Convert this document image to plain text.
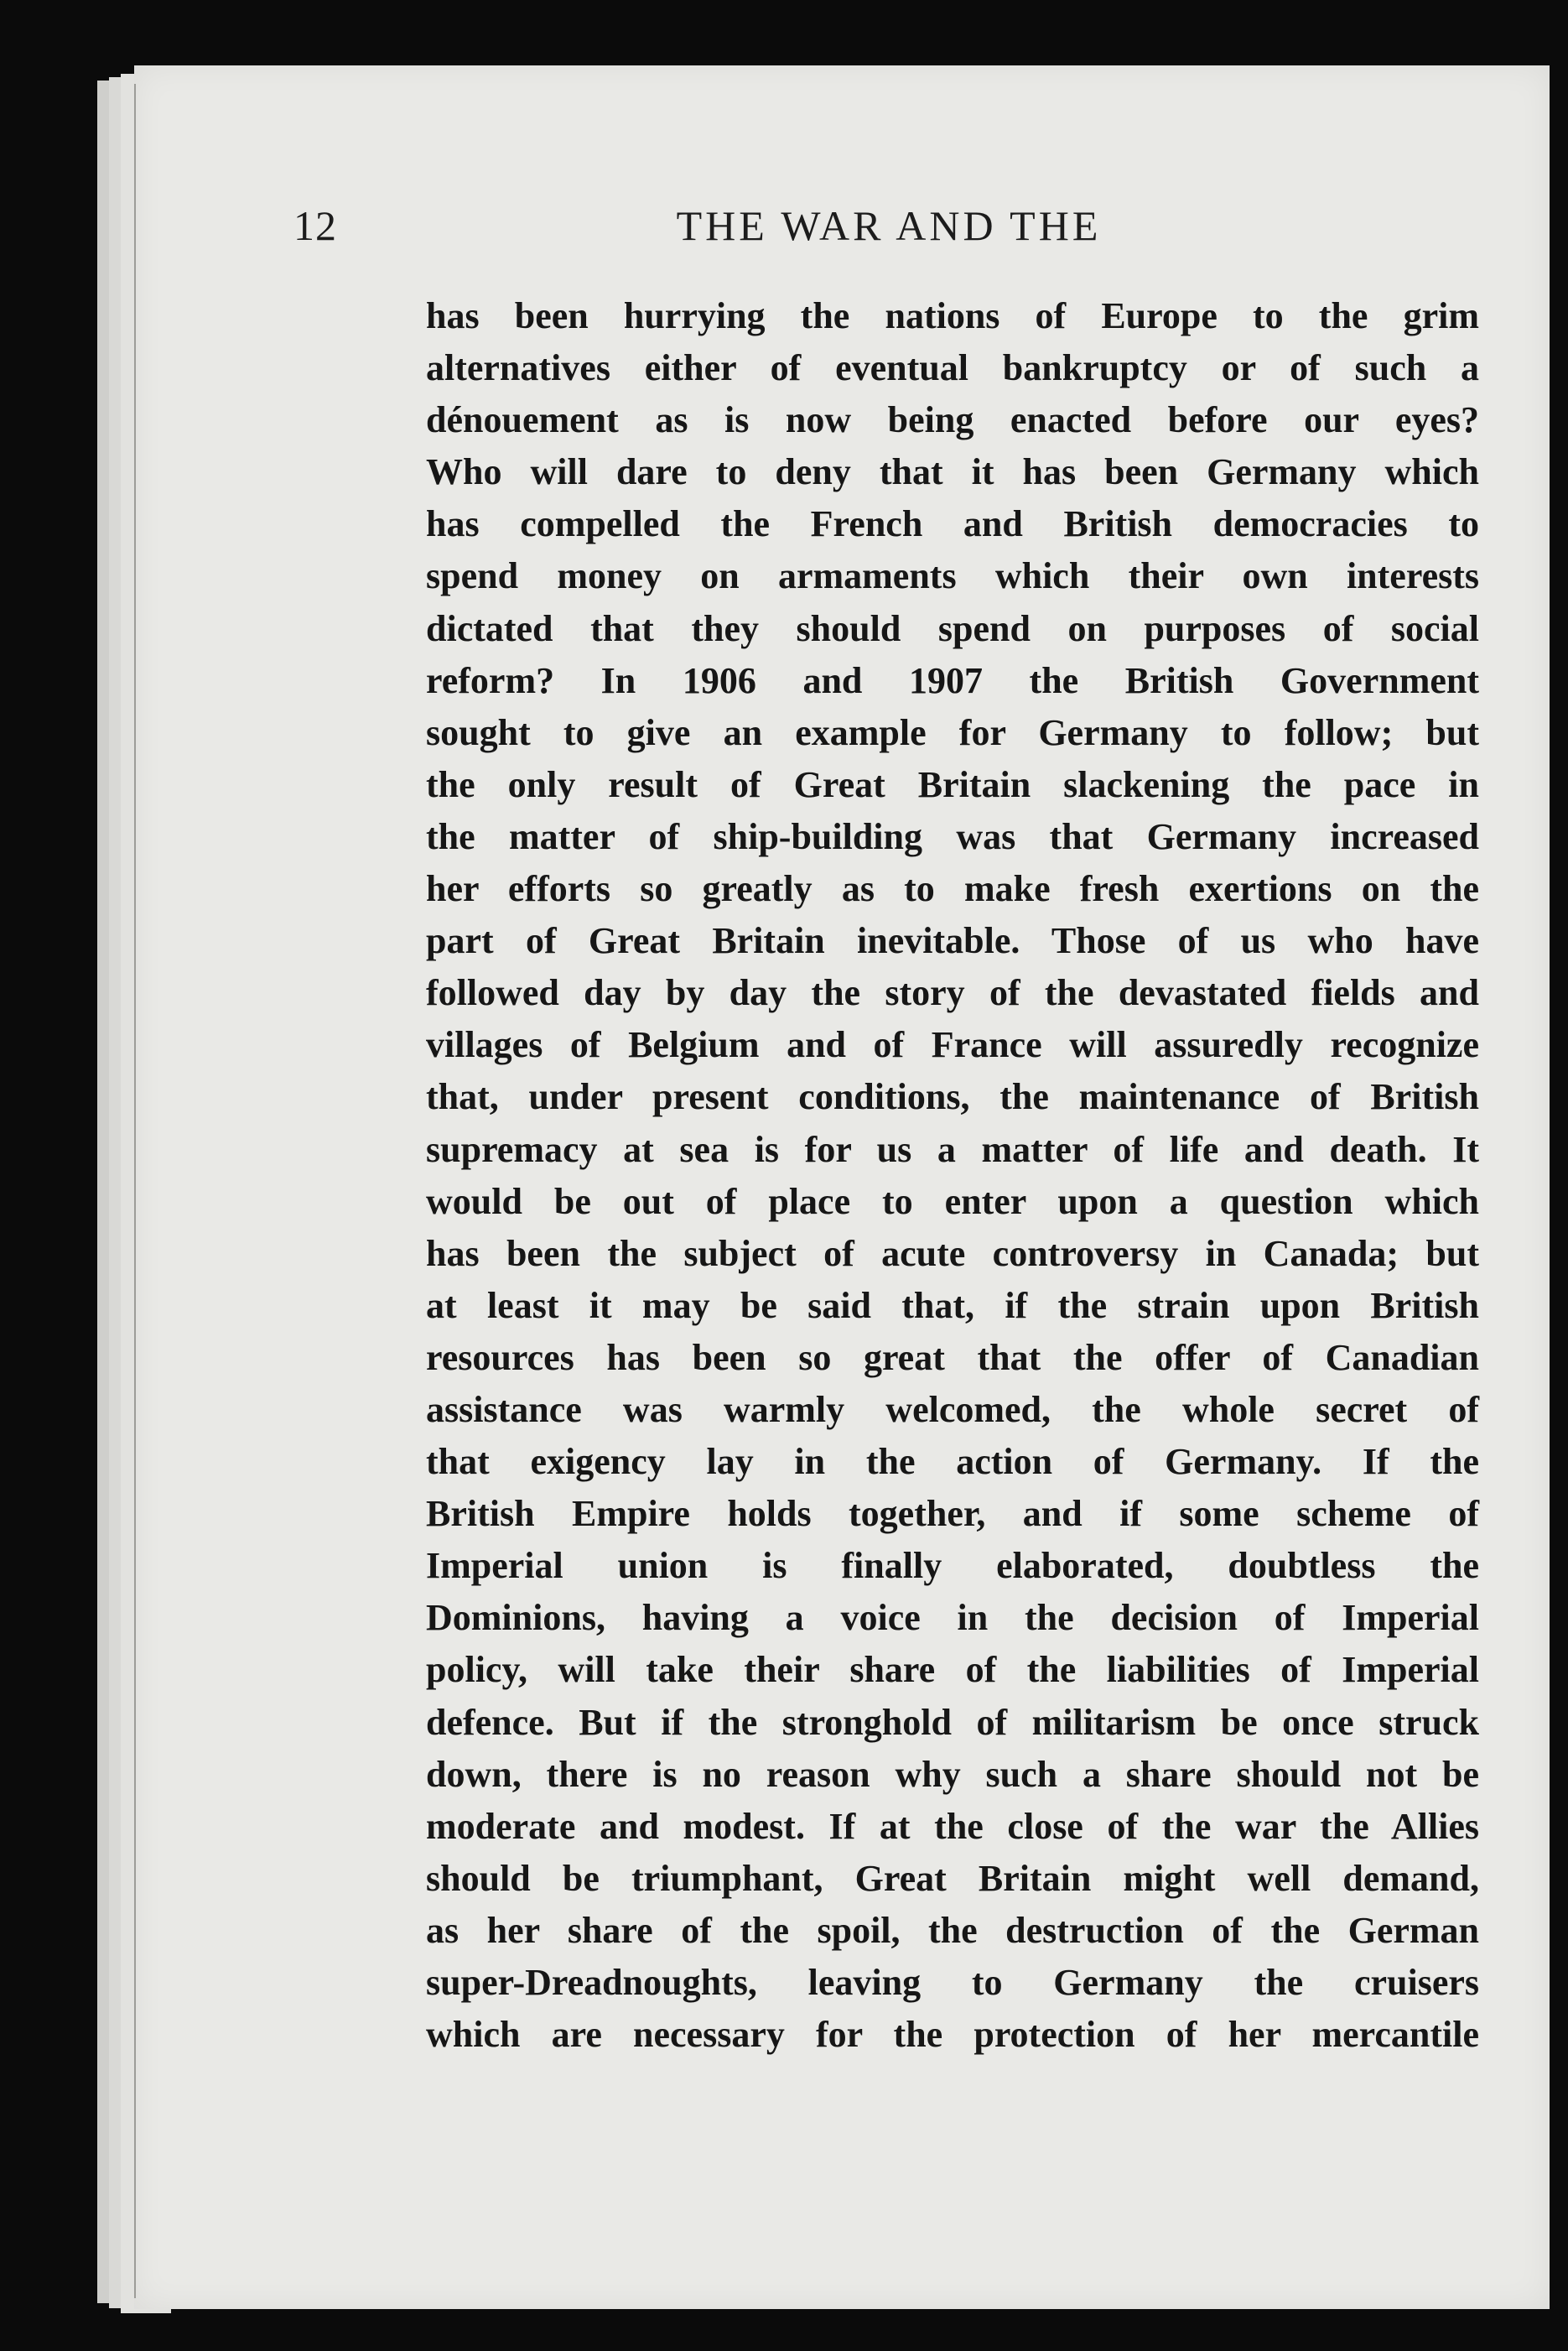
12	THE WAR AND THE
has been hurrying the nations of Europe to the grim
alternatives either of eventual bankruptcy or of such a
dénouement as is now being enacted before our eyes?
Who will dare to deny that it has been Germany which
has compelled the French and British democracies to
spend money on armaments which their own interests
dictated that they should spend on purposes of social
reform? In 1906 and 1907 the British Government
sought to give an example for Germany to follow; but
the only result of Great Britain slackening the pace in
the matter of ship-building was that Germany increased
her efforts so greatly as to make fresh exertions on the
part of Great Britain inevitable. Those of us who have
followed day by day the story of the devastated fields and
villages of Belgium and of France will assuredly recognize
that, under present conditions, the maintenance of British
supremacy at sea is for us a matter of life and death. It
would be out of place to enter upon a question which
has been the subject of acute controversy in Canada; but
at least it may be said that, if the strain upon British
resources has been so great that the offer of Canadian
assistance was warmly welcomed, the whole secret of
that exigency lay in the action of Germany. If the
British Empire holds together, and if some scheme of
Imperial union is finally elaborated, doubtless the
Dominions, having a voice in the decision of Imperial
policy, will take their share of the liabilities of Imperial
defence. But if the stronghold of militarism be once struck
down, there is no reason why such a share should not be
moderate and modest. If at the close of the war the Allies
should be triumphant, Great Britain might well demand,
as her share of the spoil, the destruction of the German
super-Dreadnoughts, leaving to Germany the cruisers
which are necessary for the protection of her mercantile
